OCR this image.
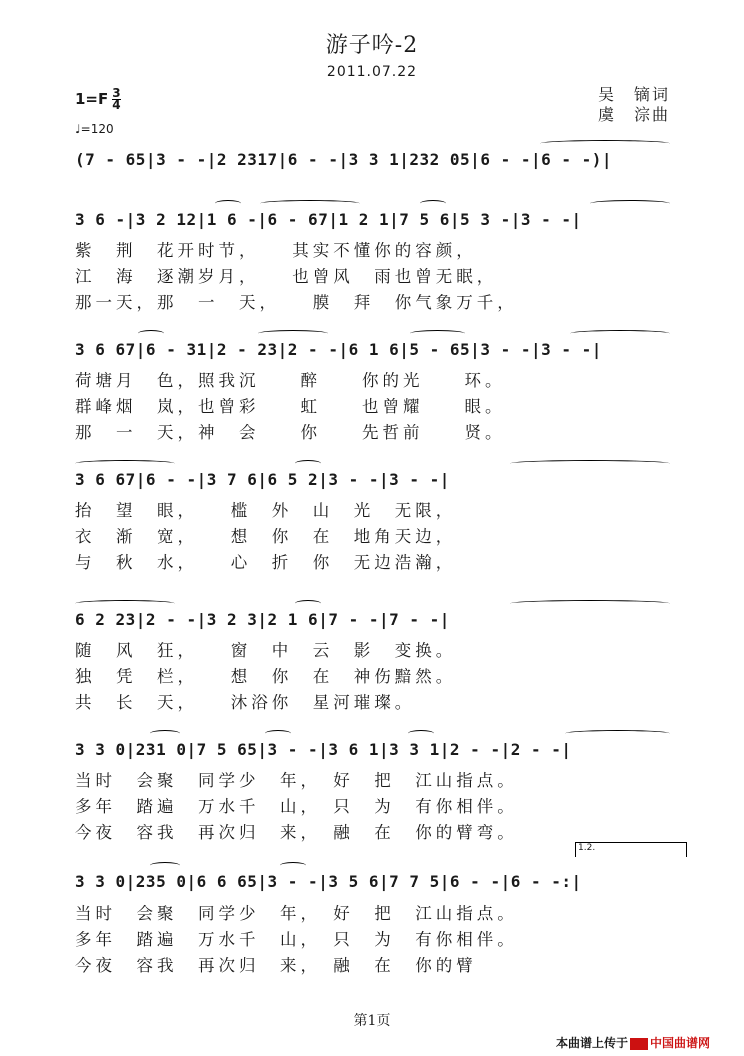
游子吟-2
2011.07.22
$1=F \frac{3}{4}$
♩=120
吴　镝词
虞　淙曲
(7 - 65|3 - -|2 2317|6 - -|3 3 1|232 05|6 - -|6 - -)|
3 6 -|3 2 12|1 6 -|6 - 67|1 2 1|7 5 6|5 3 -|3 - -|
紫　荆　花开时节，　　其实不懂你的容颜，
江　海　逐潮岁月，　　也曾风　雨也曾无眠，
那一天，那　一　天，　　膜　拜　你气象万千，
3 6 67|6 - 31|2 - 23|2 - -|6 1 6|5 - 65|3 - -|3 - -|
荷塘月　色，照我沉　　醉　　你的光　　环。
群峰烟　岚，也曾彩　　虹　　也曾耀　　眼。
那　一　天，神　会　　你　　先哲前　　贤。
3 6 67|6 - -|3 7 6|6 5 2|3 - -|3 - -|
抬　望　眼，　　槛　外　山　光　无限，
衣　渐　宽，　　想　你　在　地角天边，
与　秋　水，　　心　折　你　无边浩瀚，
6 2 23|2 - -|3 2 3|2 1 6|7 - -|7 - -|
随　风　狂，　　窗　中　云　影　变换。
独　凭　栏，　　想　你　在　神伤黯然。
共　长　天，　　沐浴你　星河璀璨。
3 3 0|231 0|7 5 65|3 - -|3 6 1|3 3 1|2 - -|2 - -|
当时　会聚　同学少　年，　好　把　江山指点。
多年　踏遍　万水千　山，　只　为　有你相伴。
今夜　容我　再次归　来，　融　在　你的臂弯。
1.2.
3 3 0|235 0|6 6 65|3 - -|3 5 6|7 7 5|6 - -|6 - -:|
当时　会聚　同学少　年，　好　把　江山指点。
多年　踏遍　万水千　山，　只　为　有你相伴。
今夜　容我　再次归　来，　融　在　你的臂
第1页
本曲谱上传于 中国曲谱网
